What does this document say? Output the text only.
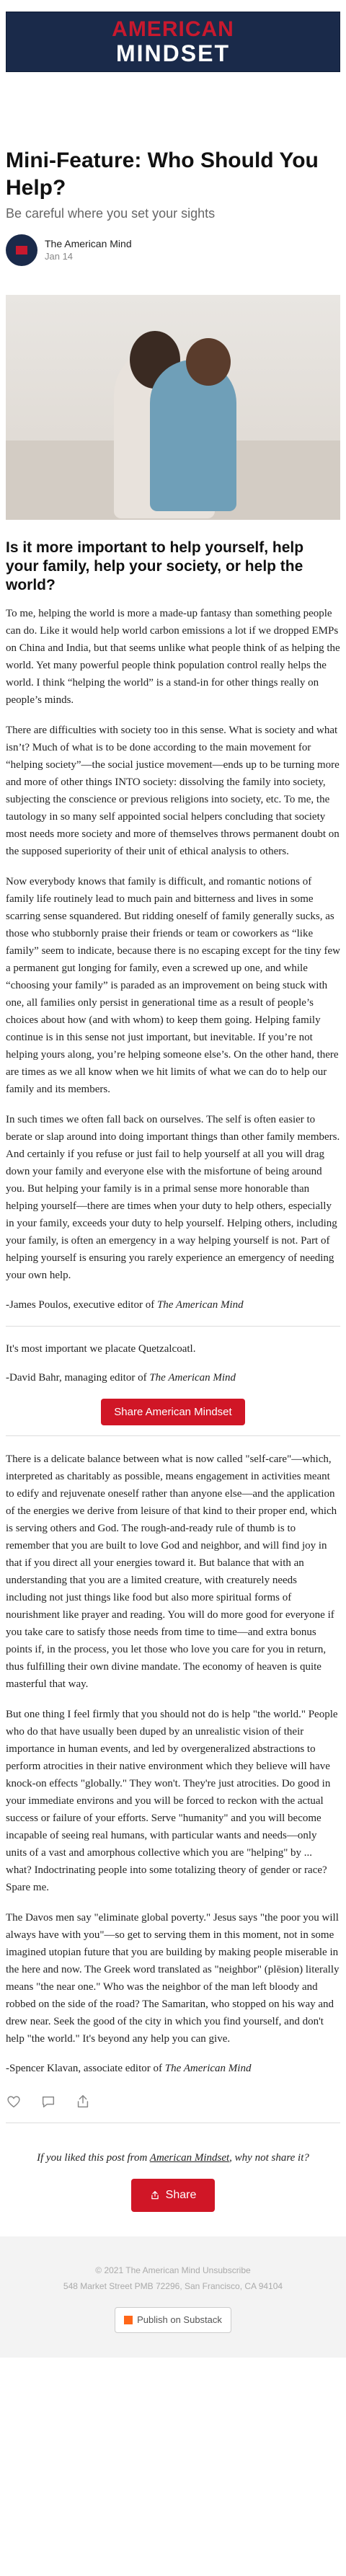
AMERICAN
MINDSET
Mini-Feature: Who Should You Help?
Be careful where you set your sights
The American Mind
Jan 14
Is it more important to help yourself, help your family, help your society, or help the world?

To me, helping the world is more a made-up fantasy than something people can do. Like it would help world carbon emissions a lot if we dropped EMPs on China and India, but that seems unlike what people think of as helping the world. Yet many powerful people think population control really helps the world. I think “helping the world” is a stand-in for other things really on people’s minds.

There are difficulties with society too in this sense. What is society and what isn’t? Much of what is to be done according to the main movement for “helping society”—the social justice movement—ends up to be turning more and more of other things INTO society: dissolving the family into society, subjecting the conscience or previous religions into society, etc. To me, the tautology in so many self appointed social helpers concluding that society most needs more society and more of themselves throws permanent doubt on the supposed superiority of their unit of ethical analysis to others.

Now everybody knows that family is difficult, and romantic notions of family life routinely lead to much pain and bitterness and lives in some scarring sense squandered. But ridding oneself of family generally sucks, as those who stubbornly praise their friends or team or coworkers as “like family” seem to indicate, because there is no escaping except for the tiny few a permanent gut longing for family, even a screwed up one, and while “choosing your family” is paraded as an improvement on being stuck with one, all families only persist in generational time as a result of people’s choices about how (and with whom) to keep them going. Helping family continue is in this sense not just important, but inevitable. If you’re not helping yours along, you’re helping someone else’s. On the other hand, there are times as we all know when we hit limits of what we can do to help our family and its members.

In such times we often fall back on ourselves. The self is often easier to berate or slap around into doing important things than other family members. And certainly if you refuse or just fail to help yourself at all you will drag down your family and everyone else with the misfortune of being around you. But helping your family is in a primal sense more honorable than helping yourself—there are times when your duty to help others, especially in your family, exceeds your duty to help yourself. Helping others, including your family, is often an emergency in a way helping yourself is not. Part of helping yourself is ensuring you rarely experience an emergency of needing your own help.

-James Poulos, executive editor of The American Mind
It's most important we placate Quetzalcoatl.
-David Bahr, managing editor of The American Mind
Share American Mindset

There is a delicate balance between what is now called "self-care"—which, interpreted as charitably as possible, means engagement in activities meant to edify and rejuvenate oneself rather than anyone else—and the application of the energies we derive from leisure of that kind to their proper end, which is serving others and God. The rough-and-ready rule of thumb is to remember that you are built to love God and neighbor, and will find joy in that if you direct all your energies toward it. But balance that with an understanding that you are a limited creature, with creaturely needs including not just things like food but also more spiritual forms of nourishment like prayer and reading. You will do more good for everyone if you take care to satisfy those needs from time to time—and extra bonus points if, in the process, you let those who love you care for you in return, thus fulfilling their own divine mandate. The economy of heaven is quite masterful that way.

But one thing I feel firmly that you should not do is help "the world." People who do that have usually been duped by an unrealistic vision of their importance in human events, and led by overgeneralized abstractions to perform atrocities in their native environment which they believe will have knock-on effects "globally." They won't. They're just atrocities. Do good in your immediate environs and you will be forced to reckon with the actual success or failure of your efforts. Serve "humanity" and you will become incapable of seeing real humans, with particular wants and needs—only units of a vast and amorphous collective which you are "helping" by ... what? Indoctrinating people into some totalizing theory of gender or race? Spare me.

The Davos men say "eliminate global poverty." Jesus says "the poor you will always have with you"—so get to serving them in this moment, not in some imagined utopian future that you are building by making people miserable in the here and now. The Greek word translated as "neighbor" (plēsion) literally means "the near one." Who was the neighbor of the man left bloody and robbed on the side of the road? The Samaritan, who stopped on his way and drew near. Seek the good of the city in which you find yourself, and don't help "the world." It's beyond any help you can give.

-Spencer Klavan, associate editor of The American Mind
If you liked this post from American Mindset, why not share it?
Share
© 2021 The American Mind Unsubscribe
548 Market Street PMB 72296, San Francisco, CA 94104
Publish on Substack
